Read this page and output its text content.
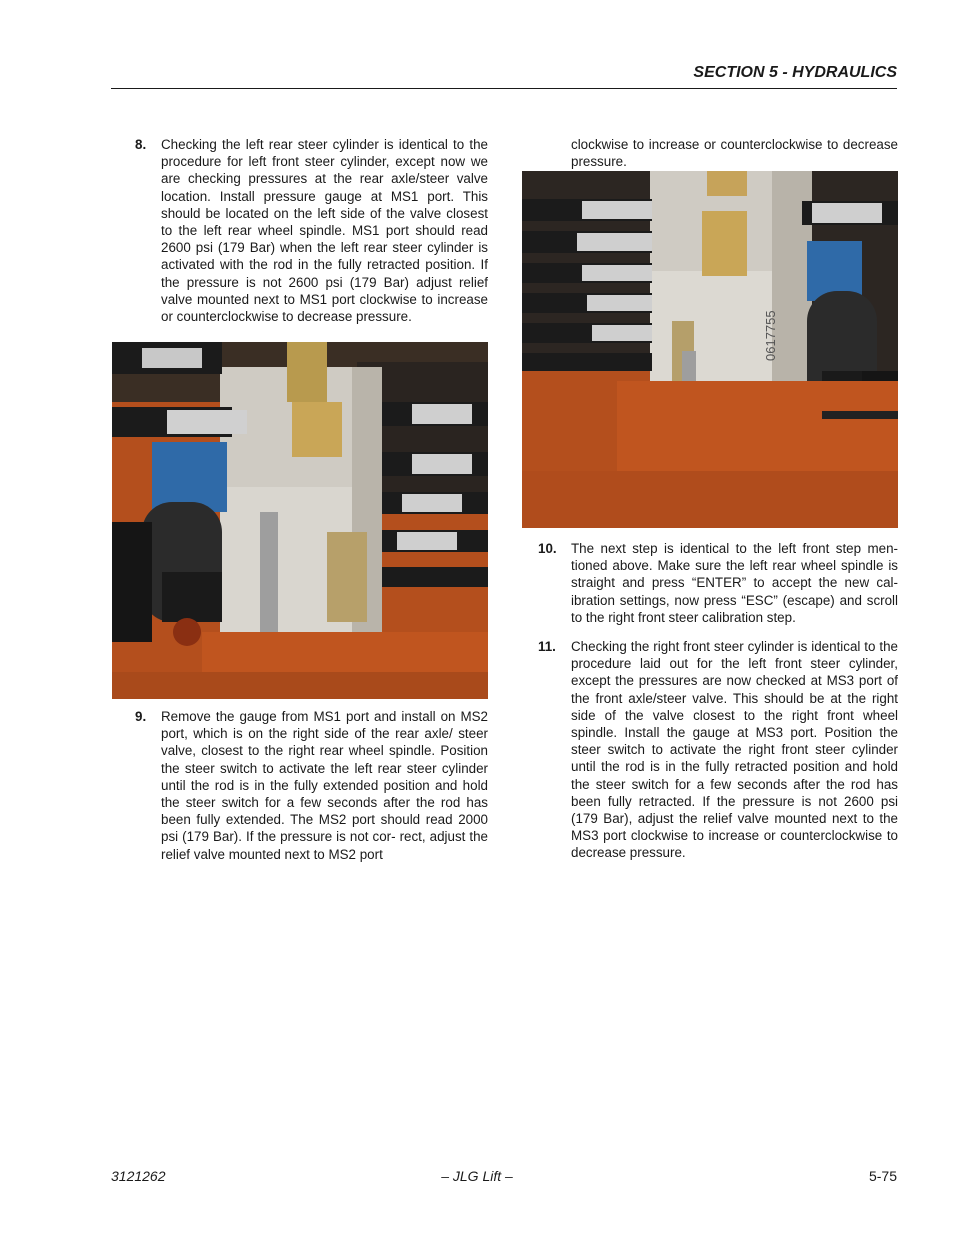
SECTION 5 - HYDRAULICS
8. Checking the left rear steer cylinder is identical to the procedure for left front steer cylinder, except now we are checking pressures at the rear axle/steer valve location. Install pressure gauge at MS1 port. This should be located on the left side of the valve closest to the left rear wheel spindle. MS1 port should read 2600 psi (179 Bar) when the left rear steer cylinder is activated with the rod in the fully retracted position. If the pressure is not 2600 psi (179 Bar) adjust relief valve mounted next to MS1 port clockwise to increase or counterclockwise to decrease pressure.
9. Remove the gauge from MS1 port and install on MS2 port, which is on the right side of the rear axle/ steer valve, closest to the right rear wheel spindle. Position the steer switch to activate the left rear steer cylinder until the rod is in the fully extended position and hold the steer switch for a few seconds after the rod has been fully extended. The MS2 port should read 2000 psi (179 Bar). If the pressure is not cor- rect, adjust the relief valve mounted next to MS2 port
clockwise to increase or counterclockwise to decrease pressure.
0617755
10. The next step is identical to the left front step men- tioned above. Make sure the left rear wheel spindle is straight and press “ENTER” to accept the new cal- ibration settings, now press “ESC” (escape) and scroll to the right front steer calibration step.
11. Checking the right front steer cylinder is identical to the procedure laid out for the left front steer cylinder, except the pressures are now checked at MS3 port of the front axle/steer valve. This should be at the right side of the valve closest to the right front wheel spindle. Install the gauge at MS3 port. Position the steer switch to activate the right front steer cylinder until the rod is in the fully retracted position and hold the steer switch for a few seconds after the rod has been fully retracted. If the pressure is not 2600 psi (179 Bar), adjust the relief valve mounted next to the MS3 port clockwise to increase or counterclockwise to decrease pressure.
3121262	– JLG Lift –	5-75
